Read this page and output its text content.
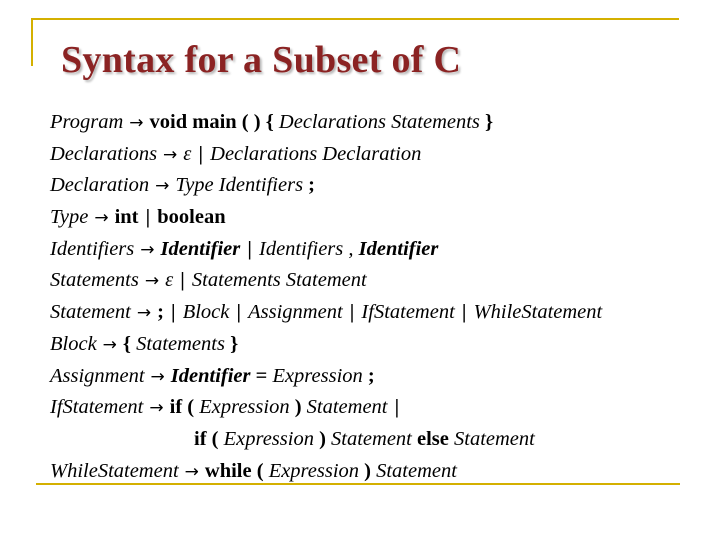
Syntax for a Subset of C
Program → void main ( ) { Declarations Statements }
Declarations → ε | Declarations Declaration
Declaration → Type Identifiers ;
Type → int | boolean
Identifiers → Identifier | Identifiers , Identifier
Statements → ε | Statements Statement
Statement → ; | Block | Assignment | IfStatement | WhileStatement
Block → { Statements }
Assignment → Identifier = Expression ;
IfStatement → if ( Expression ) Statement |
if ( Expression ) Statement else Statement
WhileStatement → while ( Expression ) Statement
